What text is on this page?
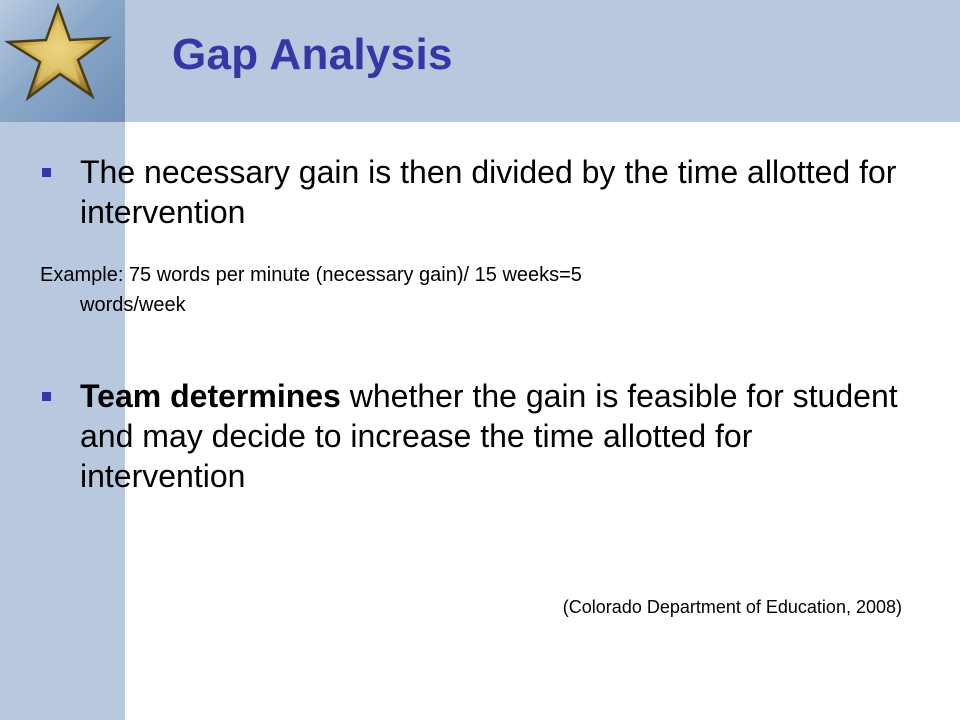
Gap Analysis
The necessary gain is then divided by the time allotted for intervention
Example: 75 words per minute (necessary gain)/ 15 weeks=5
words/week
Team determines whether the gain is feasible for student and may decide to increase the time allotted for intervention
(Colorado Department of Education, 2008)
